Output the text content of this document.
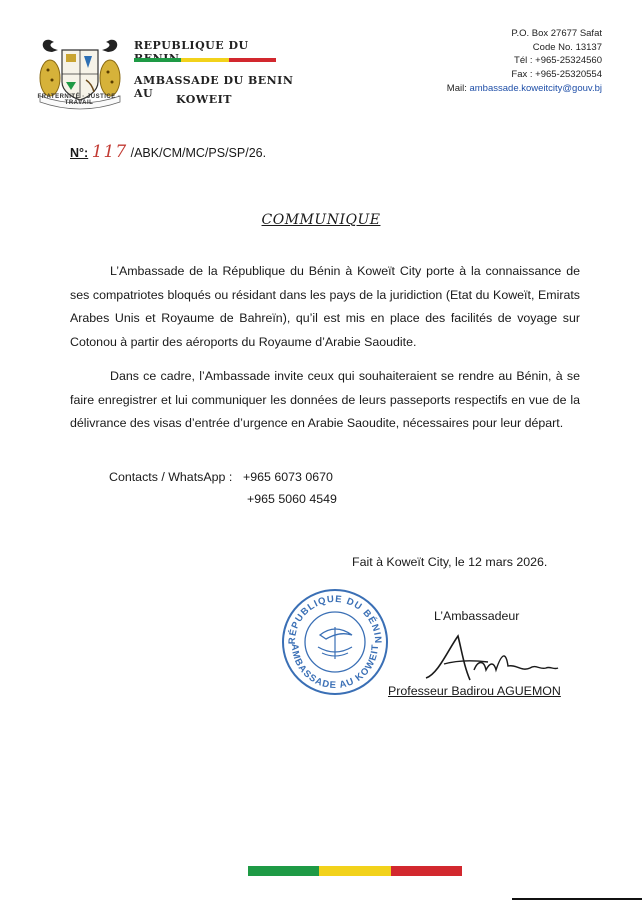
FRATERNITÉ · JUSTICE · TRAVAIL
REPUBLIQUE DU
AMBASSADE DU BENIN AU	KOWEIT
P.O. Box 27677 Safat
Code No. 13137
Tél : +965-25324560
Fax : +965-25320554
Mail: ambassade.koweitcity@gouv.bj
N°: 117 /ABK/CM/MC/PS/SP/26.
COMMUNIQUE
L’Ambassade de la République du Bénin à Koweït City porte à la connaissance de ses compatriotes bloqués ou résidant dans les pays de la juridiction (Etat du Koweït, Emirats Arabes Unis et Royaume de Bahreïn), qu’il est mis en place des facilités de voyage sur Cotonou à partir des aéroports du Royaume d’Arabie Saoudite.
Dans ce cadre, l’Ambassade invite ceux qui souhaiteraient se rendre au Bénin, à se faire enregistrer et lui communiquer les données de leurs passeports respectifs en vue de la délivrance des visas d’entrée d’urgence en Arabie Saoudite, nécessaires pour leur départ.
Contacts / WhatsApp : +965 6073 0670
+965 5060 4549
Fait à Koweït City, le 12 mars 2026.
RÉPUBLIQUE DU BÉNIN
AMBASSADE AU KOWEIT
L’Ambassadeur
Professeur Badirou AGUEMON
